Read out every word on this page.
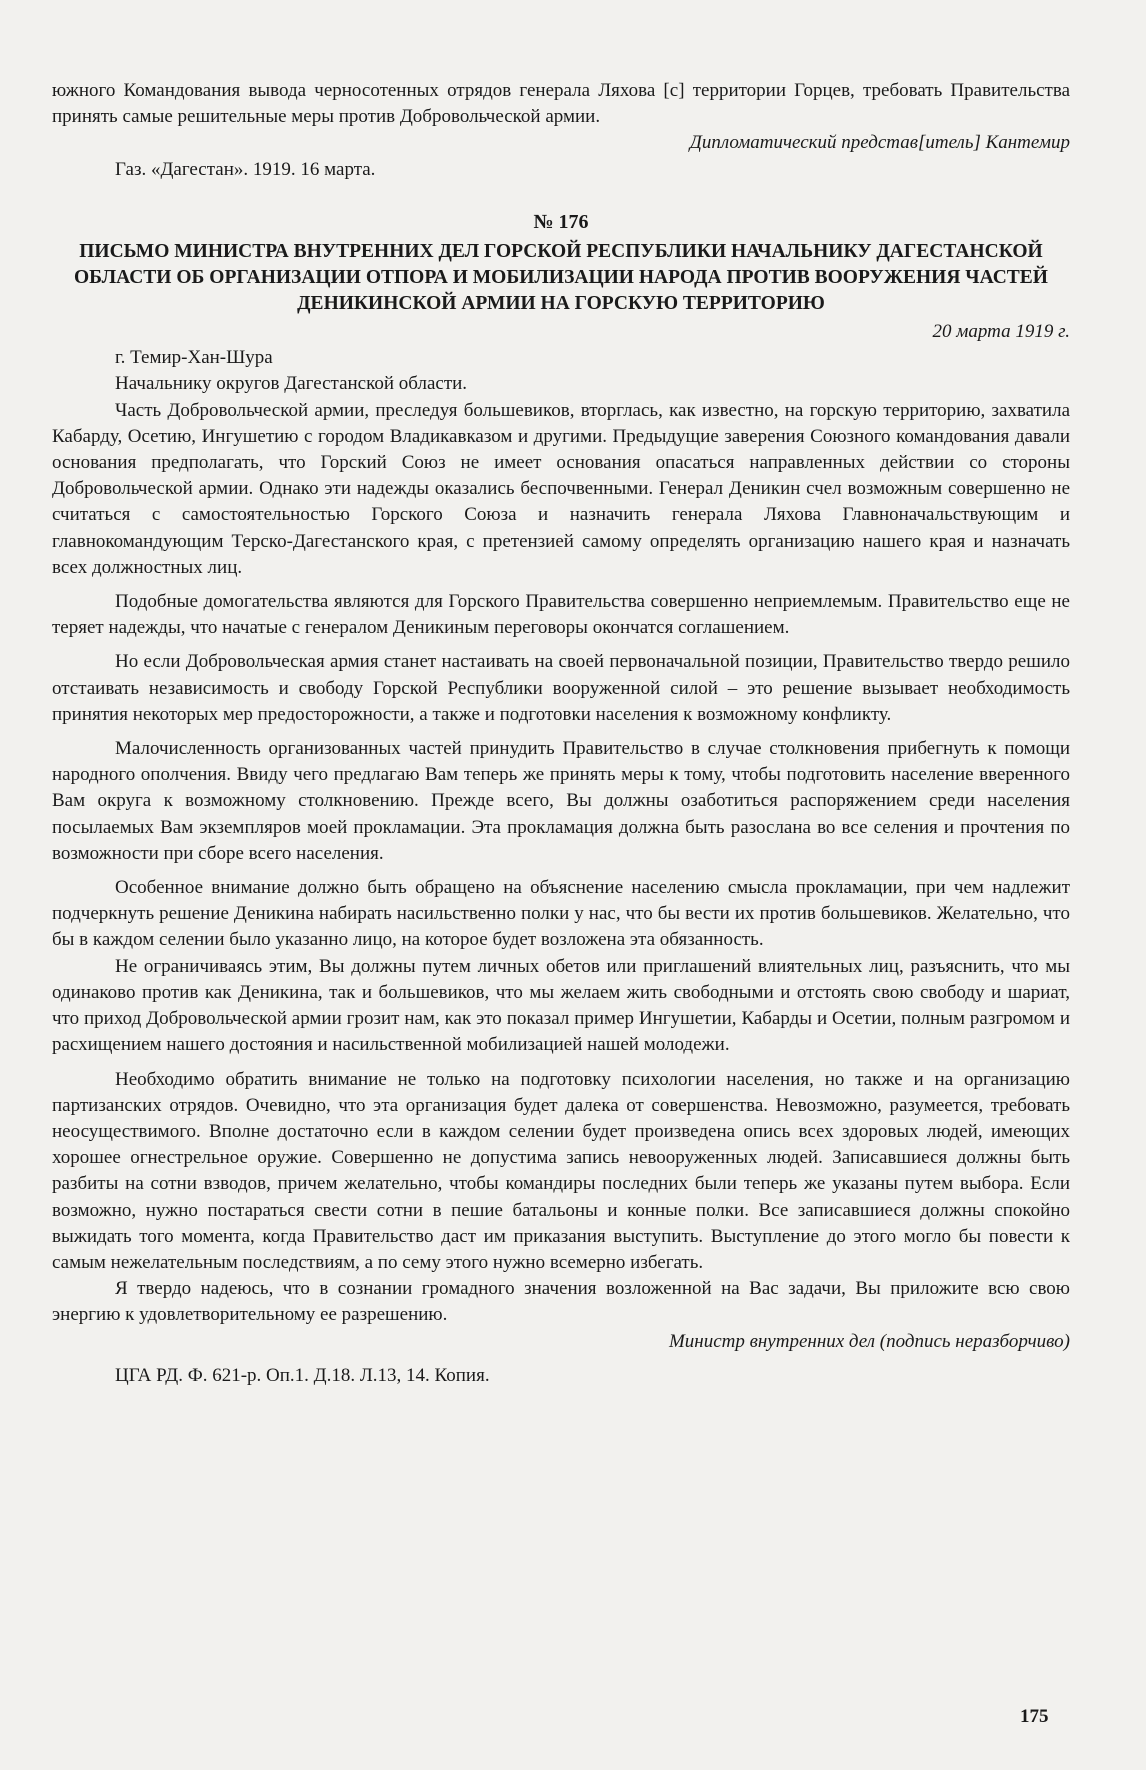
южного Командования вывода черносотенных отрядов генерала Ляхова [с] территории Горцев, требовать Правительства принять самые решительные меры против Добровольческой армии.

Дипломатический представ[итель] Кантемир

Газ. «Дагестан». 1919. 16 марта.

№ 176

ПИСЬМО МИНИСТРА ВНУТРЕННИХ ДЕЛ ГОРСКОЙ РЕСПУБЛИКИ НАЧАЛЬНИКУ ДАГЕСТАНСКОЙ ОБЛАСТИ ОБ ОРГАНИЗАЦИИ ОТПОРА И МОБИЛИЗАЦИИ НАРОДА ПРОТИВ ВООРУЖЕНИЯ ЧАСТЕЙ ДЕНИКИНСКОЙ АРМИИ НА ГОРСКУЮ ТЕРРИТОРИЮ

20 марта 1919 г.

г. Темир-Хан-Шура

Начальнику округов Дагестанской области.

Часть Добровольческой армии, преследуя большевиков, вторглась, как известно, на горскую территорию, захватила Кабарду, Осетию, Ингушетию с городом Владикавказом и другими. Предыдущие заверения Союзного командования давали основания предполагать, что Горский Союз не имеет основания опасаться направленных действии со стороны Добровольческой армии. Однако эти надежды оказались беспочвенными. Генерал Деникин счел возможным совершенно не считаться с самостоятельностью Горского Союза и назначить генерала Ляхова Главноначальствующим и главнокомандующим Терско-Дагестанского края, с претензией самому определять организацию нашего края и назначать всех должностных лиц.

Подобные домогательства являются для Горского Правительства совершенно неприемлемым. Правительство еще не теряет надежды, что начатые с генералом Деникиным переговоры окончатся соглашением.

Но если Добровольческая армия станет настаивать на своей первоначальной позиции, Правительство твердо решило отстаивать независимость и свободу Горской Республики вооруженной силой – это решение вызывает необходимость принятия некоторых мер предосторожности, а также и подготовки населения к возможному конфликту.

Малочисленность организованных частей принудить Правительство в случае столкновения прибегнуть к помощи народного ополчения. Ввиду чего предлагаю Вам теперь же принять меры к тому, чтобы подготовить население вверенного Вам округа к возможному столкновению. Прежде всего, Вы должны озаботиться распоряжением среди населения посылаемых Вам экземпляров моей прокламации. Эта прокламация должна быть разослана во все селения и прочтения по возможности при сборе всего населения.

Особенное внимание должно быть обращено на объяснение населению смысла прокламации, при чем надлежит подчеркнуть решение Деникина набирать насильственно полки у нас, что бы вести их против большевиков. Желательно, что бы в каждом селении было указанно лицо, на которое будет возложена эта обязанность.

Не ограничиваясь этим, Вы должны путем личных обетов или приглашений влиятельных лиц, разъяснить, что мы одинаково против как Деникина, так и большевиков, что мы желаем жить свободными и отстоять свою свободу и шариат, что приход Добровольческой армии грозит нам, как это показал пример Ингушетии, Кабарды и Осетии, полным разгромом и расхищением нашего достояния и насильственной мобилизацией нашей молодежи.

Необходимо обратить внимание не только на подготовку психологии населения, но также и на организацию партизанских отрядов. Очевидно, что эта организация будет далека от совершенства. Невозможно, разумеется, требовать неосуществимого. Вполне достаточно если в каждом селении будет произведена опись всех здоровых людей, имеющих хорошее огнестрельное оружие. Совершенно не допустима запись невооруженных людей. Записавшиеся должны быть разбиты на сотни взводов, причем желательно, чтобы командиры последних были теперь же указаны путем выбора. Если возможно, нужно постараться свести сотни в пешие батальоны и конные полки. Все записавшиеся должны спокойно выжидать того момента, когда Правительство даст им приказания выступить. Выступление до этого могло бы повести к самым нежелательным последствиям, а по сему этого нужно всемерно избегать.

Я твердо надеюсь, что в сознании громадного значения возложенной на Вас задачи, Вы приложите всю свою энергию к удовлетворительному ее разрешению.

Министр внутренних дел (подпись неразборчиво)

ЦГА РД. Ф. 621-р. Оп.1. Д.18. Л.13, 14. Копия.

175
